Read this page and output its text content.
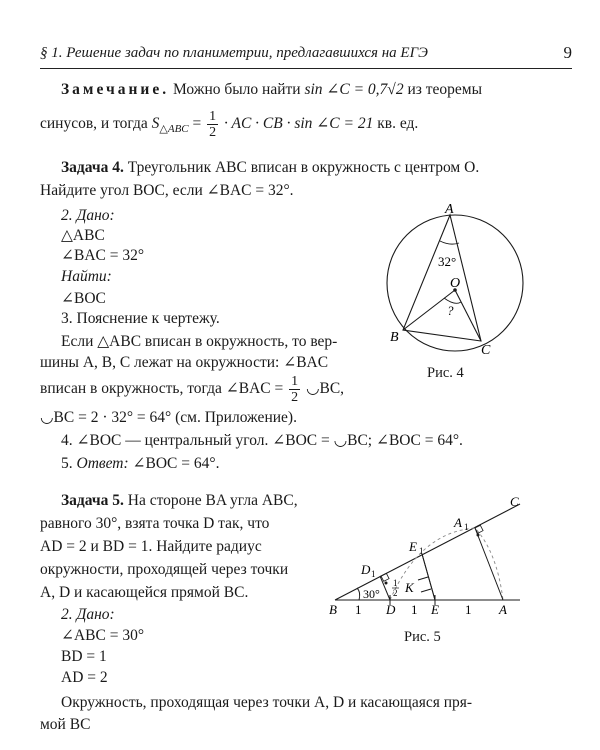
§ 1. Решение задач по планиметрии, предлагавшихся на ЕГЭ	9
Замечание. Можно было найти sin ∠C = 0,7√2 из теоремы
синусов, и тогда $S_{\triangle ABC} = \frac{1}{2}$ · AC · CB · sin ∠C = 21 кв. ед.
Задача 4. Треугольник ABC вписан в окружность с центром O.
Найдите угол BOC, если ∠BAC = 32°.
2. Дано:
△ABC
∠BAC = 32°
Найти:
∠BOC
3. Пояснение к чертежу.
Если △ABC вписан в окружность, то вер-
шины A, B, C лежат на окружности: ∠BAC
вписан в окружность, тогда ∠BAC = $\frac{1}{2}$ ◡BC,
◡BC = 2 · 32° = 64° (см. Приложение).
4. ∠BOC — центральный угол. ∠BOC = ◡BC; ∠BOC = 64°.
5. Ответ: ∠BOC = 64°.
A
B
C
O
32°
?
Рис. 4
Задача 5. На стороне BA угла ABC,
равного 30°, взята точка D так, что
AD = 2 и BD = 1. Найдите радиус
окружности, проходящей через точки
A, D и касающейся прямой BC.
2. Дано:
∠ABC = 30°
BD = 1
AD = 2
Окружность, проходящая через точки A, D и касающаяся пря-
мой BC
B 1 D 1 E 1 A
C
D 1
E 1
A 1
K
30°
1
2
Рис. 5
